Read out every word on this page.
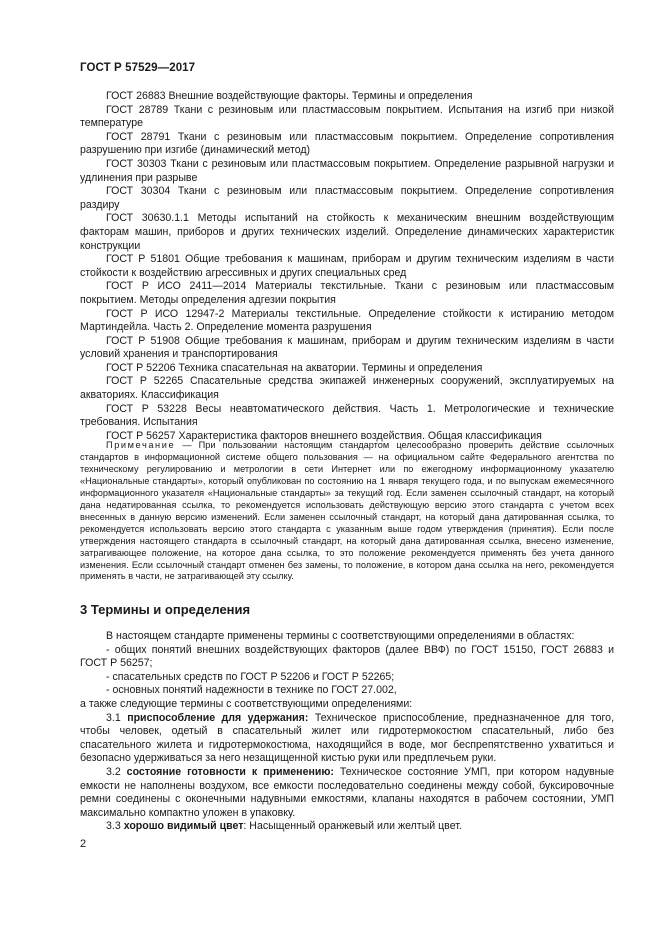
ГОСТ Р 57529—2017

ГОСТ 26883 Внешние воздействующие факторы. Термины и определения

ГОСТ 28789 Ткани с резиновым или пластмассовым покрытием. Испытания на изгиб при низкой температуре

ГОСТ 28791 Ткани с резиновым или пластмассовым покрытием. Определение сопротивления разрушению при изгибе (динамический метод)

ГОСТ 30303 Ткани с резиновым или пластмассовым покрытием. Определение разрывной нагрузки и удлинения при разрыве

ГОСТ 30304 Ткани с резиновым или пластмассовым покрытием. Определение сопротивления раздиру

ГОСТ 30630.1.1 Методы испытаний на стойкость к механическим внешним воздействующим факторам машин, приборов и других технических изделий. Определение динамических характеристик конструкции

ГОСТ Р 51801 Общие требования к машинам, приборам и другим техническим изделиям в части стойкости к воздействию агрессивных и других специальных сред

ГОСТ Р ИСО 2411—2014 Материалы текстильные. Ткани с резиновым или пластмассовым покрытием. Методы определения адгезии покрытия

ГОСТ Р ИСО 12947-2 Материалы текстильные. Определение стойкости к истиранию методом Мартиндейла. Часть 2. Определение момента разрушения

ГОСТ Р 51908 Общие требования к машинам, приборам и другим техническим изделиям в части условий хранения и транспортирования

ГОСТ Р 52206 Техника спасательная на акватории. Термины и определения

ГОСТ Р 52265 Спасательные средства экипажей инженерных сооружений, эксплуатируемых на акваториях. Классификация

ГОСТ Р 53228 Весы неавтоматического действия. Часть 1. Метрологические и технические требования. Испытания

ГОСТ Р 56257 Характеристика факторов внешнего воздействия. Общая классификация

Примечание — При пользовании настоящим стандартом целесообразно проверить действие ссылочных стандартов в информационной системе общего пользования — на официальном сайте Федерального агентства по техническому регулированию и метрологии в сети Интернет или по ежегодному информационному указателю «Национальные стандарты», который опубликован по состоянию на 1 января текущего года, и по выпускам ежемесячного информационного указателя «Национальные стандарты» за текущий год. Если заменен ссылочный стандарт, на который дана недатированная ссылка, то рекомендуется использовать действующую версию этого стандарта с учетом всех внесенных в данную версию изменений. Если заменен ссылочный стандарт, на который дана датированная ссылка, то рекомендуется использовать версию этого стандарта с указанным выше годом утверждения (принятия). Если после утверждения настоящего стандарта в ссылочный стандарт, на который дана датированная ссылка, внесено изменение, затрагивающее положение, на которое дана ссылка, то это положение рекомендуется применять без учета данного изменения. Если ссылочный стандарт отменен без замены, то положение, в котором дана ссылка на него, рекомендуется применять в части, не затрагивающей эту ссылку.

3 Термины и определения

В настоящем стандарте применены термины с соответствующими определениями в областях:

- общих понятий внешних воздействующих факторов (далее ВВФ) по ГОСТ 15150, ГОСТ 26883 и ГОСТ Р 56257;

- спасательных средств по ГОСТ Р 52206 и ГОСТ Р 52265;

- основных понятий надежности в технике по ГОСТ 27.002,

а также следующие термины с соответствующими определениями:

3.1 приспособление для удержания: Техническое приспособление, предназначенное для того, чтобы человек, одетый в спасательный жилет или гидротермокостюм спасательный, либо без спасательного жилета и гидротермокостюма, находящийся в воде, мог беспрепятственно ухватиться и безопасно удерживаться за него незащищенной кистью руки или предплечьем руки.

3.2 состояние готовности к применению: Техническое состояние УМП, при котором надувные емкости не наполнены воздухом, все емкости последовательно соединены между собой, буксировочные ремни соединены с оконечными надувными емкостями, клапаны находятся в рабочем состоянии, УМП максимально компактно уложен в упаковку.

3.3 хорошо видимый цвет: Насыщенный оранжевый или желтый цвет.

2
